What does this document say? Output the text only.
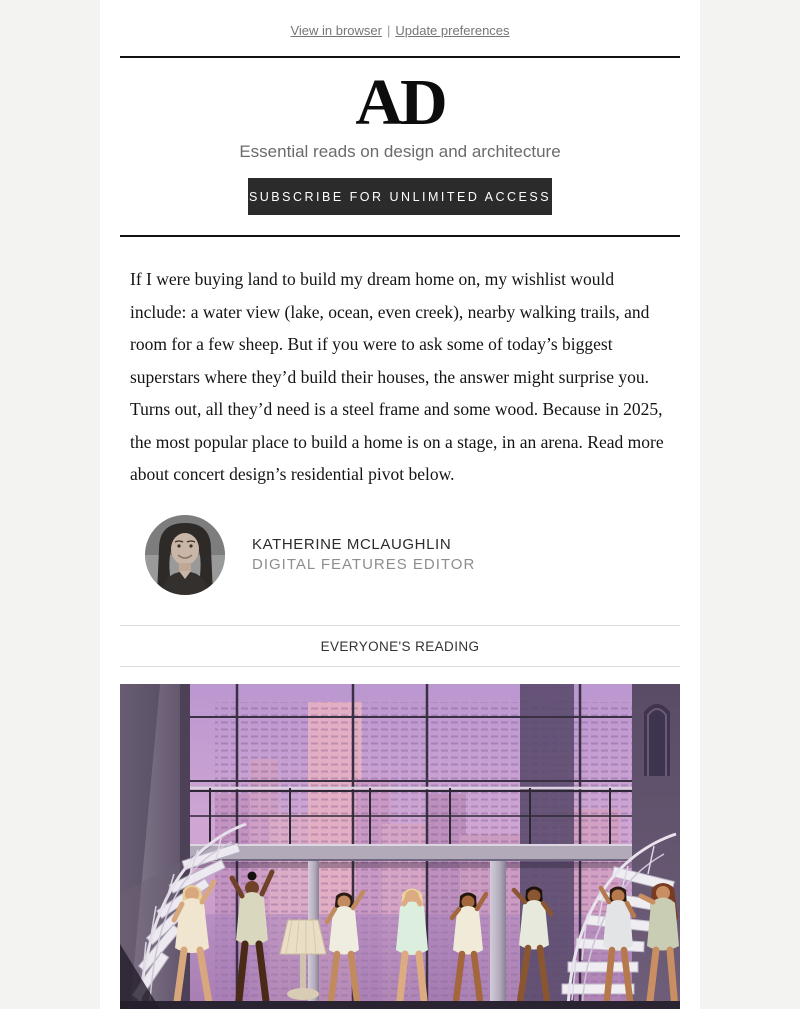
View in browser | Update preferences
AD
Essential reads on design and architecture
SUBSCRIBE FOR UNLIMITED ACCESS

If I were buying land to build my dream home on, my wishlist would include: a water view (lake, ocean, even creek), nearby walking trails, and room for a few sheep. But if you were to ask some of today’s biggest superstars where they’d build their houses, the answer might surprise you. Turns out, all they’d need is a steel frame and some wood. Because in 2025, the most popular place to build a home is on a stage, in an arena. Read more about concert design’s residential pivot below.

KATHERINE MCLAUGHLIN
DIGITAL FEATURES EDITOR
EVERYONE'S READING
